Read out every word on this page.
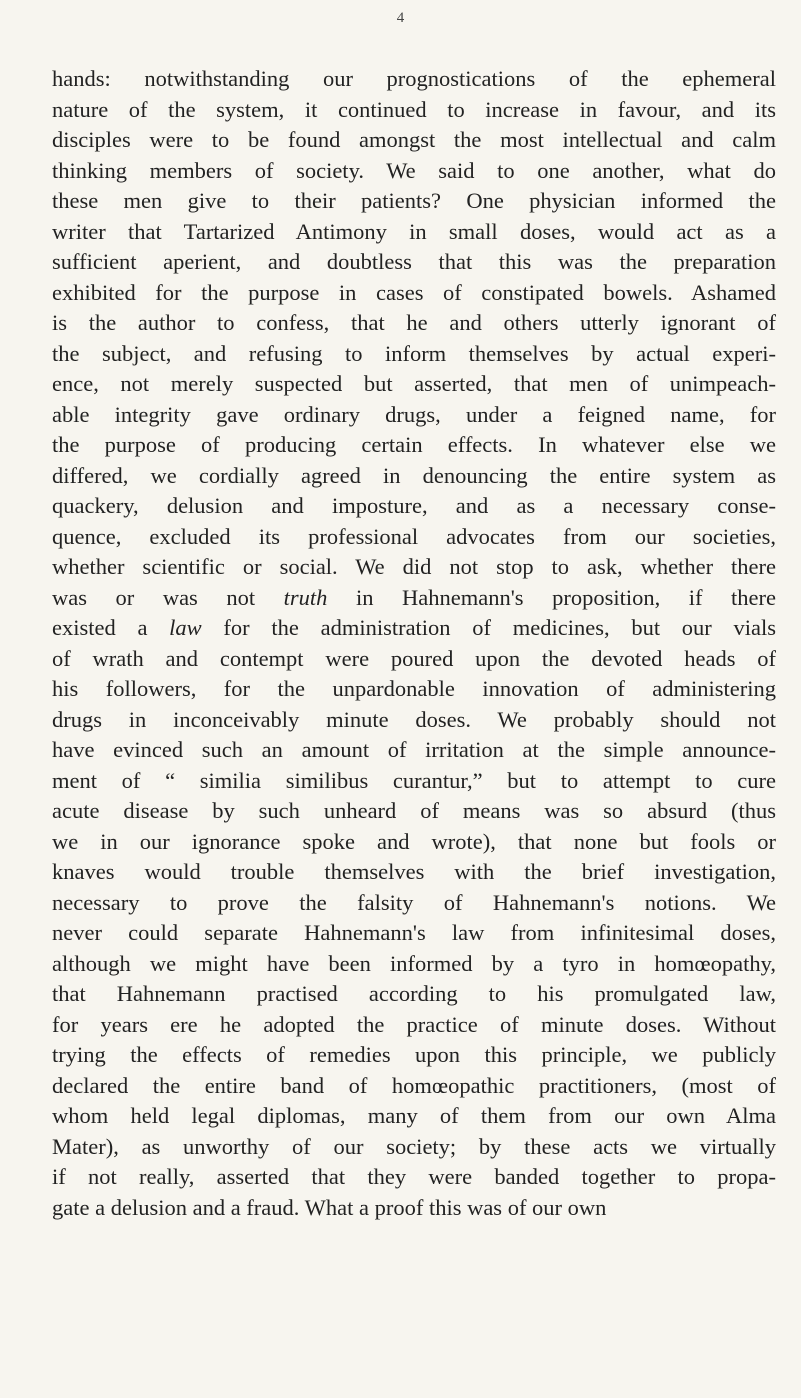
4
hands: notwithstanding our prognostications of the ephemeral
nature of the system, it continued to increase in favour, and its
disciples were to be found amongst the most intellectual and calm
thinking members of society. We said to one another, what do
these men give to their patients? One physician informed the
writer that Tartarized Antimony in small doses, would act as a
sufficient aperient, and doubtless that this was the preparation
exhibited for the purpose in cases of constipated bowels. Ashamed
is the author to confess, that he and others utterly ignorant of
the subject, and refusing to inform themselves by actual experi-
ence, not merely suspected but asserted, that men of unimpeach-
able integrity gave ordinary drugs, under a feigned name, for
the purpose of producing certain effects. In whatever else we
differed, we cordially agreed in denouncing the entire system as
quackery, delusion and imposture, and as a necessary conse-
quence, excluded its professional advocates from our societies,
whether scientific or social. We did not stop to ask, whether there
was or was not truth in Hahnemann's proposition, if there
existed a law for the administration of medicines, but our vials
of wrath and contempt were poured upon the devoted heads of
his followers, for the unpardonable innovation of administering
drugs in inconceivably minute doses. We probably should not
have evinced such an amount of irritation at the simple announce-
ment of “ similia similibus curantur,” but to attempt to cure
acute disease by such unheard of means was so absurd (thus
we in our ignorance spoke and wrote), that none but fools or
knaves would trouble themselves with the brief investigation,
necessary to prove the falsity of Hahnemann's notions. We
never could separate Hahnemann's law from infinitesimal doses,
although we might have been informed by a tyro in homœopathy,
that Hahnemann practised according to his promulgated law,
for years ere he adopted the practice of minute doses. Without
trying the effects of remedies upon this principle, we publicly
declared the entire band of homœopathic practitioners, (most of
whom held legal diplomas, many of them from our own Alma
Mater), as unworthy of our society; by these acts we virtually
if not really, asserted that they were banded together to propa-
gate a delusion and a fraud. What a proof this was of our own
